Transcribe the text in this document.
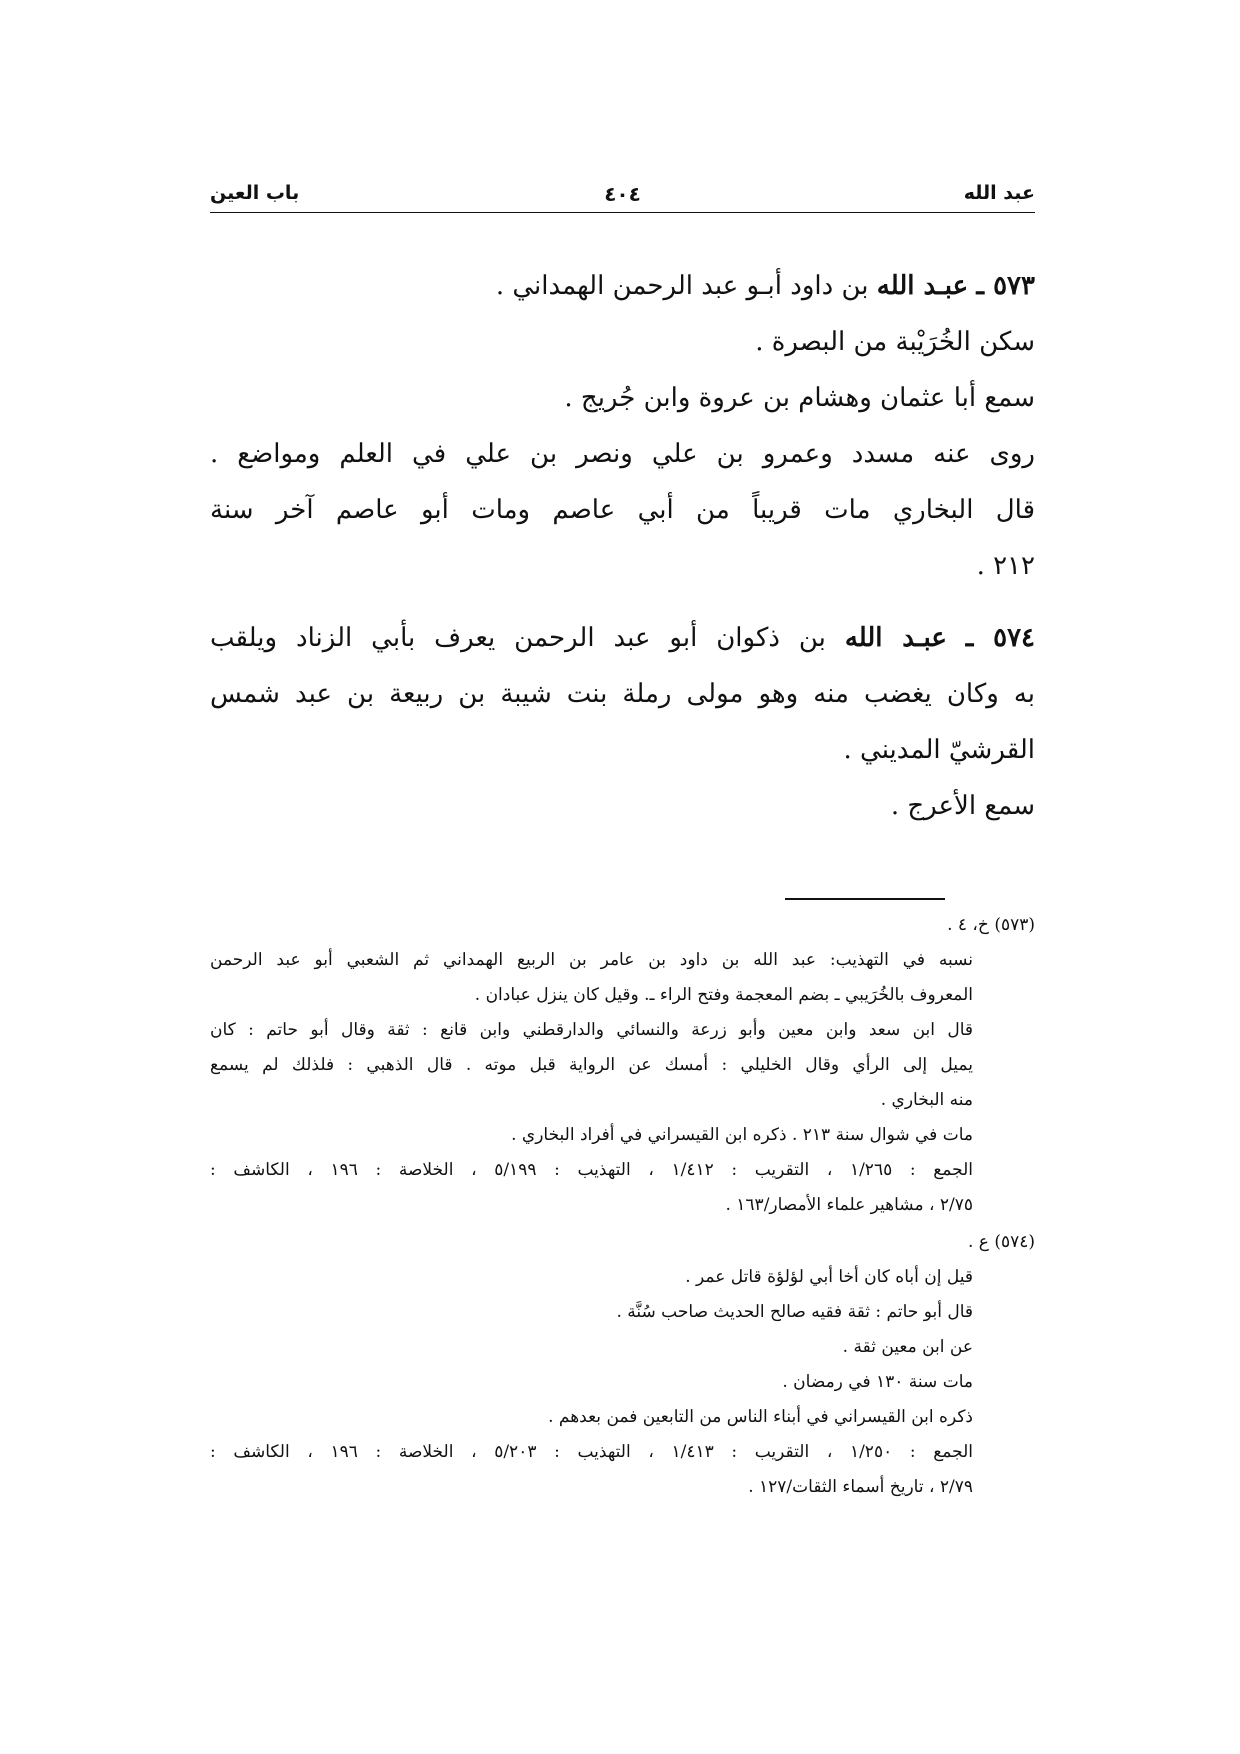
عبد الله
٤٠٤
باب العين
٥٧٣ ـ عبـد الله بن داود أبـو عبد الرحمن الهمداني .
سكن الخُرَيْبة من البصرة .
سمع أبا عثمان وهشام بن عروة وابن جُريج .
روى عنه مسدد وعمرو بن علي ونصر بن علي في العلم ومواضع .
قال البخاري مات قريباً من أبي عاصم ومات أبو عاصم آخر سنة
٢١٢ .
٥٧٤ ـ عبـد الله بن ذكوان أبو عبد الرحمن يعرف بأبي الزناد ويلقب
به وكان يغضب منه وهو مولى رملة بنت شيبة بن ربيعة بن عبد شمس
القرشيّ المديني .
سمع الأعرج .
(٥٧٣) خ، ٤ .
نسبه في التهذيب: عبد الله بن داود بن عامر بن الربيع الهمداني ثم الشعبي أبو عبد الرحمن
المعروف بالخُرَيبي ـ بضم المعجمة وفتح الراء ـ. وقيل كان ينزل عبادان .
قال ابن سعد وابن معين وأبو زرعة والنسائي والدارقطني وابن قانع : ثقة وقال أبو حاتم : كان
يميل إلى الرأي وقال الخليلي : أمسك عن الرواية قبل موته . قال الذهبي : فلذلك لم يسمع
منه البخاري .
مات في شوال سنة ٢١٣ . ذكره ابن القيسراني في أفراد البخاري .
الجمع : ١/٢٦٥ ، التقريب : ١/٤١٢ ، التهذيب : ٥/١٩٩ ، الخلاصة : ١٩٦ ، الكاشف :
٢/٧٥ ، مشاهير علماء الأمصار/١٦٣ .
(٥٧٤) ع .
قيل إن أباه كان أخا أبي لؤلؤة قاتل عمر .
قال أبو حاتم : ثقة فقيه صالح الحديث صاحب سُنَّة .
عن ابن معين ثقة .
مات سنة ١٣٠ في رمضان .
ذكره ابن القيسراني في أبناء الناس من التابعين فمن بعدهم .
الجمع : ١/٢٥٠ ، التقريب : ١/٤١٣ ، التهذيب : ٥/٢٠٣ ، الخلاصة : ١٩٦ ، الكاشف :
٢/٧٩ ، تاريخ أسماء الثقات/١٢٧ .
